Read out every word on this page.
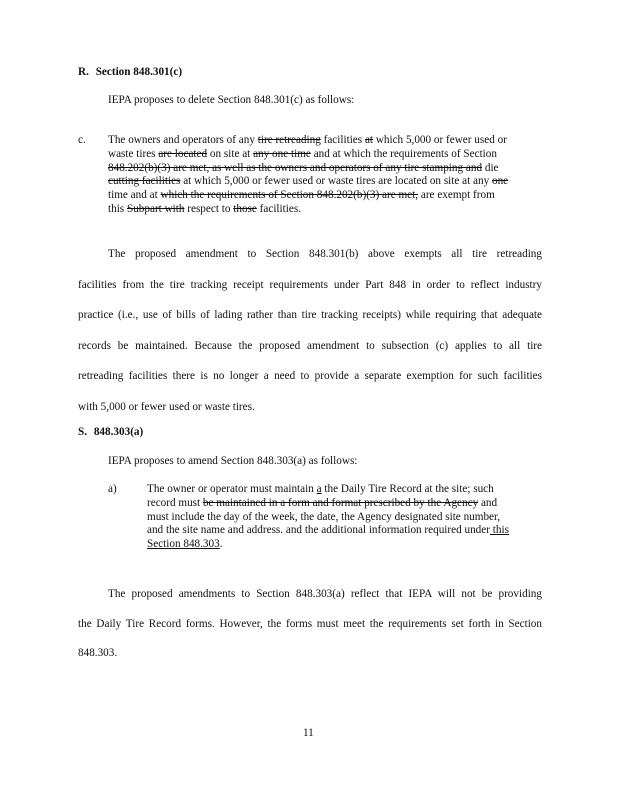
R. Section 848.301(c)
IEPA proposes to delete Section 848.301(c) as follows:
c. The owners and operators of any tire retreading facilities at which 5,000 or fewer used or
waste tires are located on site at any one time and at which the requirements of Section
848.202(b)(3) are met, as well as the owners and operators of any tire stamping and die
cutting facilities at which 5,000 or fewer used or waste tires are located on site at any one
time and at which the requirements of Section 848.202(b)(3) are met, are exempt from
this Subpart with respect to those facilities.
The proposed amendment to Section 848.301(b) above exempts all tire retreading
facilities from the tire tracking receipt requirements under Part 848 in order to reflect industry
practice (i.e., use of bills of lading rather than tire tracking receipts) while requiring that adequate
records be maintained. Because the proposed amendment to subsection (c) applies to all tire
retreading facilities there is no longer a need to provide a separate exemption for such facilities
with 5,000 or fewer used or waste tires.
S. 848.303(a)
IEPA proposes to amend Section 848.303(a) as follows:
a)	The owner or operator must maintain a the Daily Tire Record at the site; such
record must be maintained in a form and format prescribed by the Agency and
must include the day of the week, the date, the Agency designated site number,
and the site name and address. and the additional information required under this
Section 848.303.
The proposed amendments to Section 848.303(a) reflect that IEPA will not be providing
the Daily Tire Record forms. However, the forms must meet the requirements set forth in Section
848.303.
11
